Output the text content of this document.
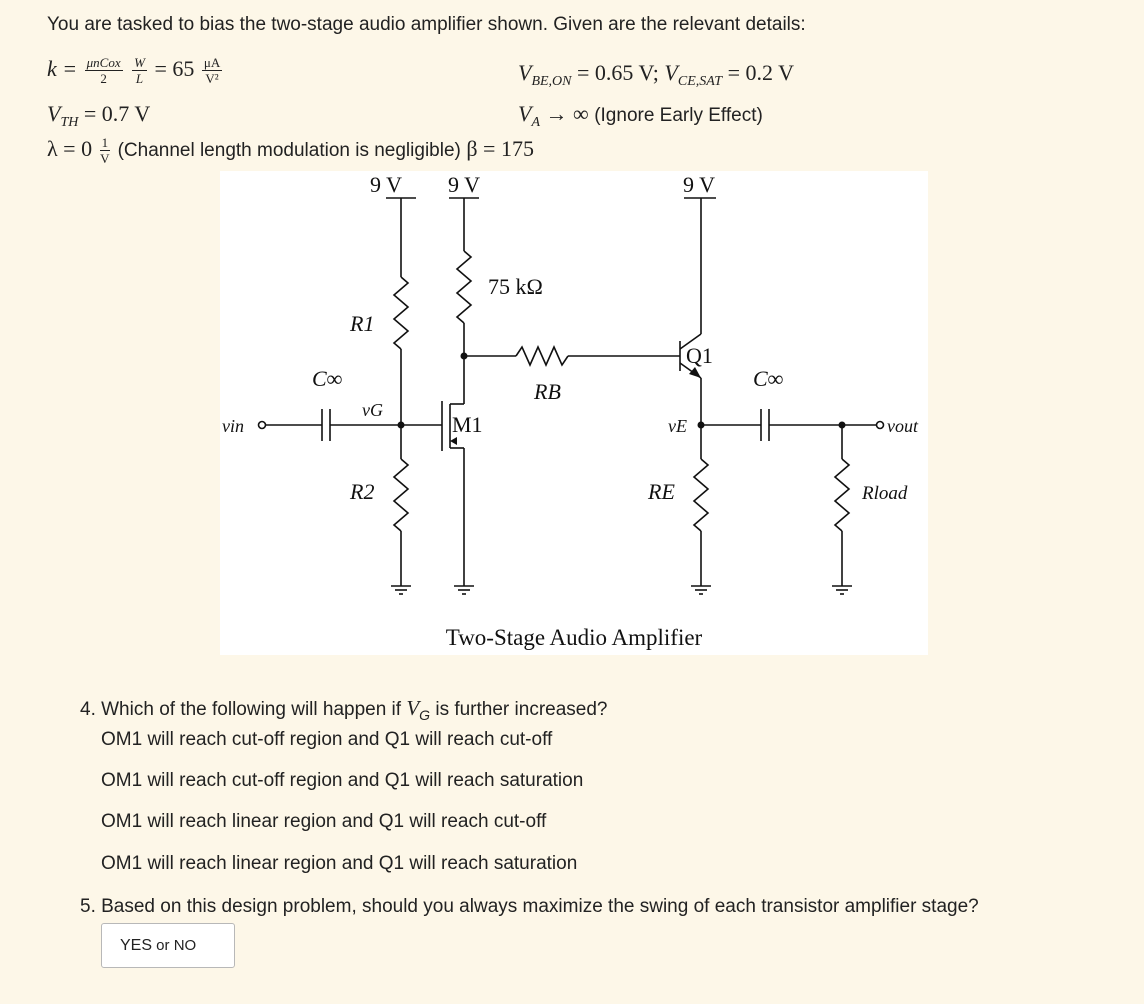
You are tasked to bias the two-stage audio amplifier shown. Given are the relevant details:
$k = \frac{\text{μnCox}}{2}$
$\frac{W}{L} = 65 \frac{\mu A}{\text{V²}}$	$V_{BE,ON} = 0.65$ V; $V_{CE,SAT} = 0.2$ V
$V_{TH} = 0.7$ V	$V_A$ → ∞ (Ignore Early Effect)
$\lambda = 0 \frac{1}{V}$ (Channel length modulation is negligible) β = 175
9 V 9 V	9 V
75 kΩ
R1
R2
RB
RE	Rload
C∞	C∞
Q1
M1
vG
vE
vin	vout
Two-Stage Audio Amplifier
4. Which of the following will happen if $V_G$ is further increased?
OM1 will reach cut-off region and Q1 will reach cut-off
OM1 will reach cut-off region and Q1 will reach saturation
OM1 will reach linear region and Q1 will reach cut-off
OM1 will reach linear region and Q1 will reach saturation
5. Based on this design problem, should you always maximize the swing of each transistor amplifier stage?
YES or NO
